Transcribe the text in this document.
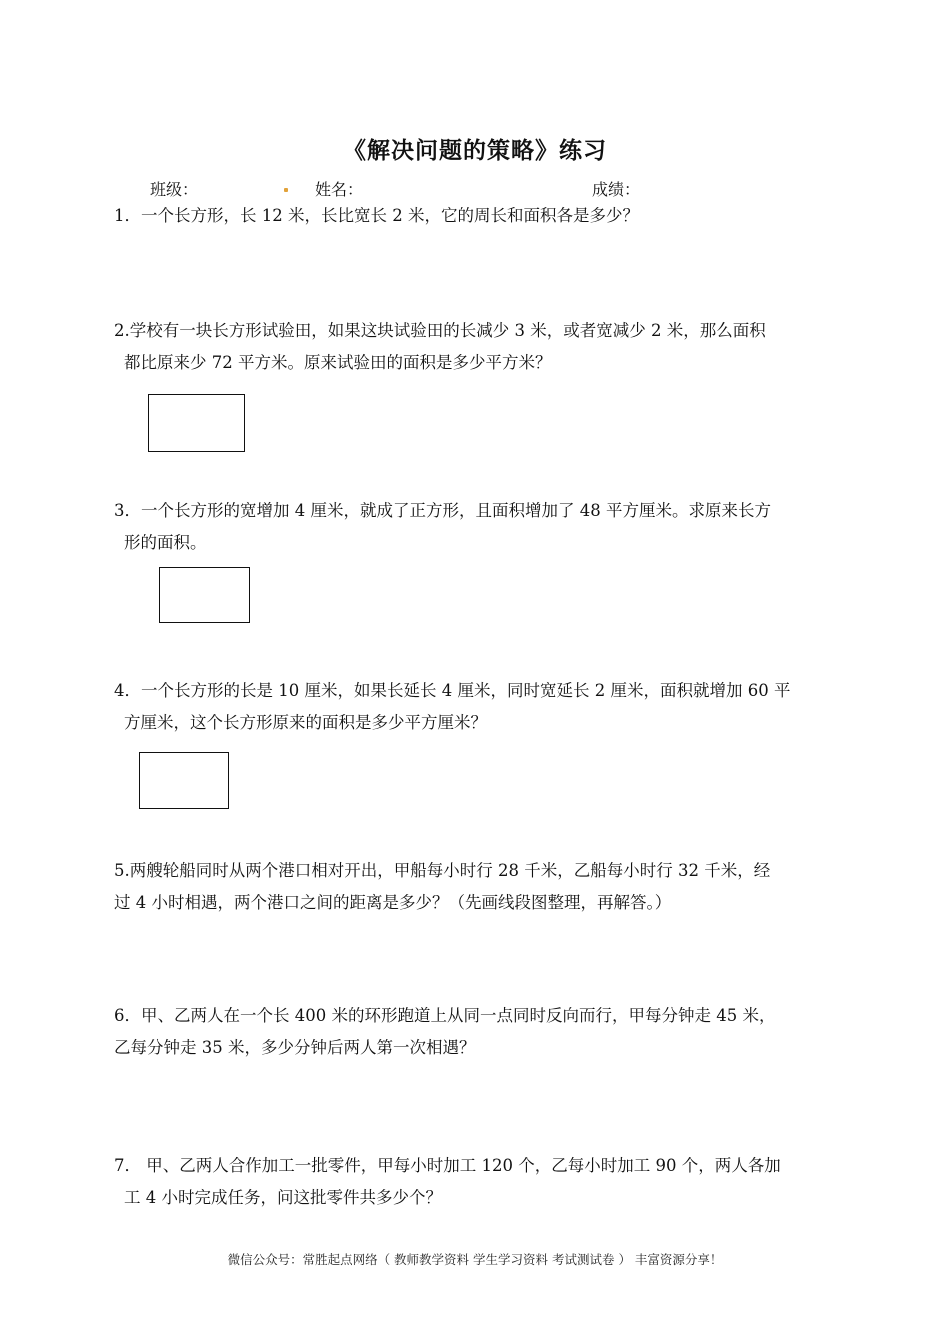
《解决问题的策略》练习
班级：	姓名：	成绩：
1．一个长方形，长 12 米，长比宽长 2 米，它的周长和面积各是多少？
2.学校有一块长方形试验田，如果这块试验田的长减少 3 米，或者宽减少 2 米，那么面积
都比原来少 72 平方米。原来试验田的面积是多少平方米？
3．一个长方形的宽增加 4 厘米，就成了正方形，且面积增加了 48 平方厘米。求原来长方
形的面积。
4．一个长方形的长是 10 厘米，如果长延长 4 厘米，同时宽延长 2 厘米，面积就增加 60 平
方厘米，这个长方形原来的面积是多少平方厘米？
5.两艘轮船同时从两个港口相对开出，甲船每小时行 28 千米，乙船每小时行 32 千米，经
过 4 小时相遇，两个港口之间的距离是多少？（先画线段图整理，再解答。）
6．甲、乙两人在一个长 400 米的环形跑道上从同一点同时反向而行，甲每分钟走 45 米，
乙每分钟走 35 米，多少分钟后两人第一次相遇？
7． 甲、乙两人合作加工一批零件，甲每小时加工 120 个，乙每小时加工 90 个，两人各加
工 4 小时完成任务，问这批零件共多少个？
微信公众号：常胜起点网络（ 教师教学资料 学生学习资料 考试测试卷 ） 丰富资源分享！
